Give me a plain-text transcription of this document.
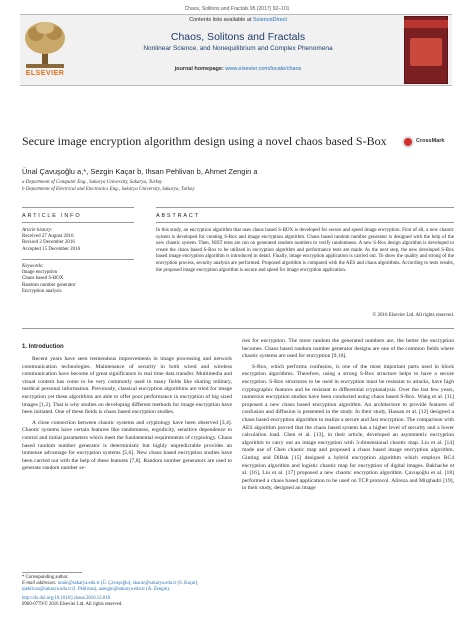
Chaos, Solitons and Fractals 95 (2017) 92–101
ELSEVIER
Contents lists available at ScienceDirect
Chaos, Solitons and Fractals
Nonlinear Science, and Nonequilibrium and Complex Phenomena
journal homepage: www.elsevier.com/locate/chaos
Secure image encryption algorithm design using a novel chaos based S-Box	CrossMark
Ünal Çavuşoğlu a,*, Sezgin Kaçar b, Ihsan Pehlivan b, Ahmet Zengin a
a Department of Computer Eng., Sakarya University, Sakarya, Turkey
b Department of Electrical and Electronics Eng., Sakarya University, Sakarya, Turkey
ARTICLE INFO	ABSTRACT
Article history:
Received 27 August 2016
Revised 2 December 2016
Accepted 15 December 2016
Keywords:
Image encryption
Chaos based S-BOX
Random number generator
Encryption analysis
In this study, an encryption algorithm that uses chaos based S-BOX is developed for secure and speed image encryption. First of all, a new chaotic system is developed for creating S-Box and image encryption algorithm. Chaos based random number generator is designed with the help of the new chaotic system. Then, NIST tests are run on generated random numbers to verify randomness. A new S-Box design algorithm is developed to create the chaos based S-Box to be utilized in encryption algorithm and performance tests are made. As the next step, the new developed S-Box based image encryption algorithm is introduced in detail. Finally, image encryption application is carried out. To show the quality and strong of the encryption process, security analysis are performed. Proposed algorithm is compared with the AES and chaos algorithms. According to tests results, the proposed image encryption algorithm is secure and speed for image encryption application.
© 2016 Elsevier Ltd. All rights reserved.
1. Introduction

Recent years have seen tremendous improvements in image processing and network communication technologies. Maintenance of security in both wired and wireless communication have become of great significance in real time data transfer. Multimedia and visual content has come to be very commonly used in many fields like sharing military, medical personal information. Previously, classical encryption algorithms are tried for image encryption yet these algorithms are able to offer poor performance in encryption of big sized images [1,2]. That is why studies on developing different methods for image encryption have been initiated. One of these fields is chaos based encryption studies.

A close connection between chaotic systems and cryptology have been observed [3,4]. Chaotic systems have certain features like randomness, ergodicity, sensitive dependence to control and initial parameters which meet the fundamental requirements of cryptology. Chaos based random number generator is deterministic but highly unpredictable provides an immense advantage for encryption systems [5,6]. New chaos based encryption studies have been carried out with the help of these features [7,8]. Random number generators are used to generate random number se-

ries for encryption. The more random the generated numbers are, the better the encryption becomes. Chaos based random number generator designs are one of the common fields where chaotic systems are used for encryption [9,10].

S-Box, which performs confusion, is one of the most important parts used in block encryption algorithms. Therefore, using a strong S-Box structure helps to have a secure encryption. S-Box structures to be used in encryption must be resistant to attacks, have high cryptographic features and be resistant to differential cryptanalysis. Over the last few years, numerous encryption studies have been conducted using chaos based S-Box. Wang et al. [11] proposed a new chaos based encryption algorithm. An architecture to provide features of confusion and diffusion is presented in the study. In their study, Hassan et al. [12] designed a chaos based encryption algorithm to realize a secure and fast encryption. The comparison with AES algorithm proved that the chaos based system has a higher level of security and a lower calculation load. Chen et al. [13], in their article, developed an asymmetric encryption algorithm to carry out an image encryption with 3-dimensional chaotic map. Liu et al. [14] made use of Chen chaotic map and proposed a chaos based image encryption algorithm. Ginting and DiBak [15] designed a hybrid encryption algorithm which employs RC4 encryption algorithm and logistic chaotic map for encryption of digital images. Bakhache et al. [16], Liu et al. [17] proposed a new chaotic encryption algorithm. Çavuşoğlu et al. [18] performed a chaos based application to be used on TCP protocol. Alireza and Mirghadri [19], in their study, designed an image

* Corresponding author.
E-mail addresses: unalc@sakarya.edu.tr (Ü. Çavuşoğlu), skacar@sakarya.edu.tr (S. Kaçar), ipehlivan@sakarya.edu.tr (I. Pehlivan), azengin@sakarya.edu.tr (A. Zengin).
http://dx.doi.org/10.1016/j.chaos.2016.12.018
0960-0779/© 2016 Elsevier Ltd. All rights reserved.
